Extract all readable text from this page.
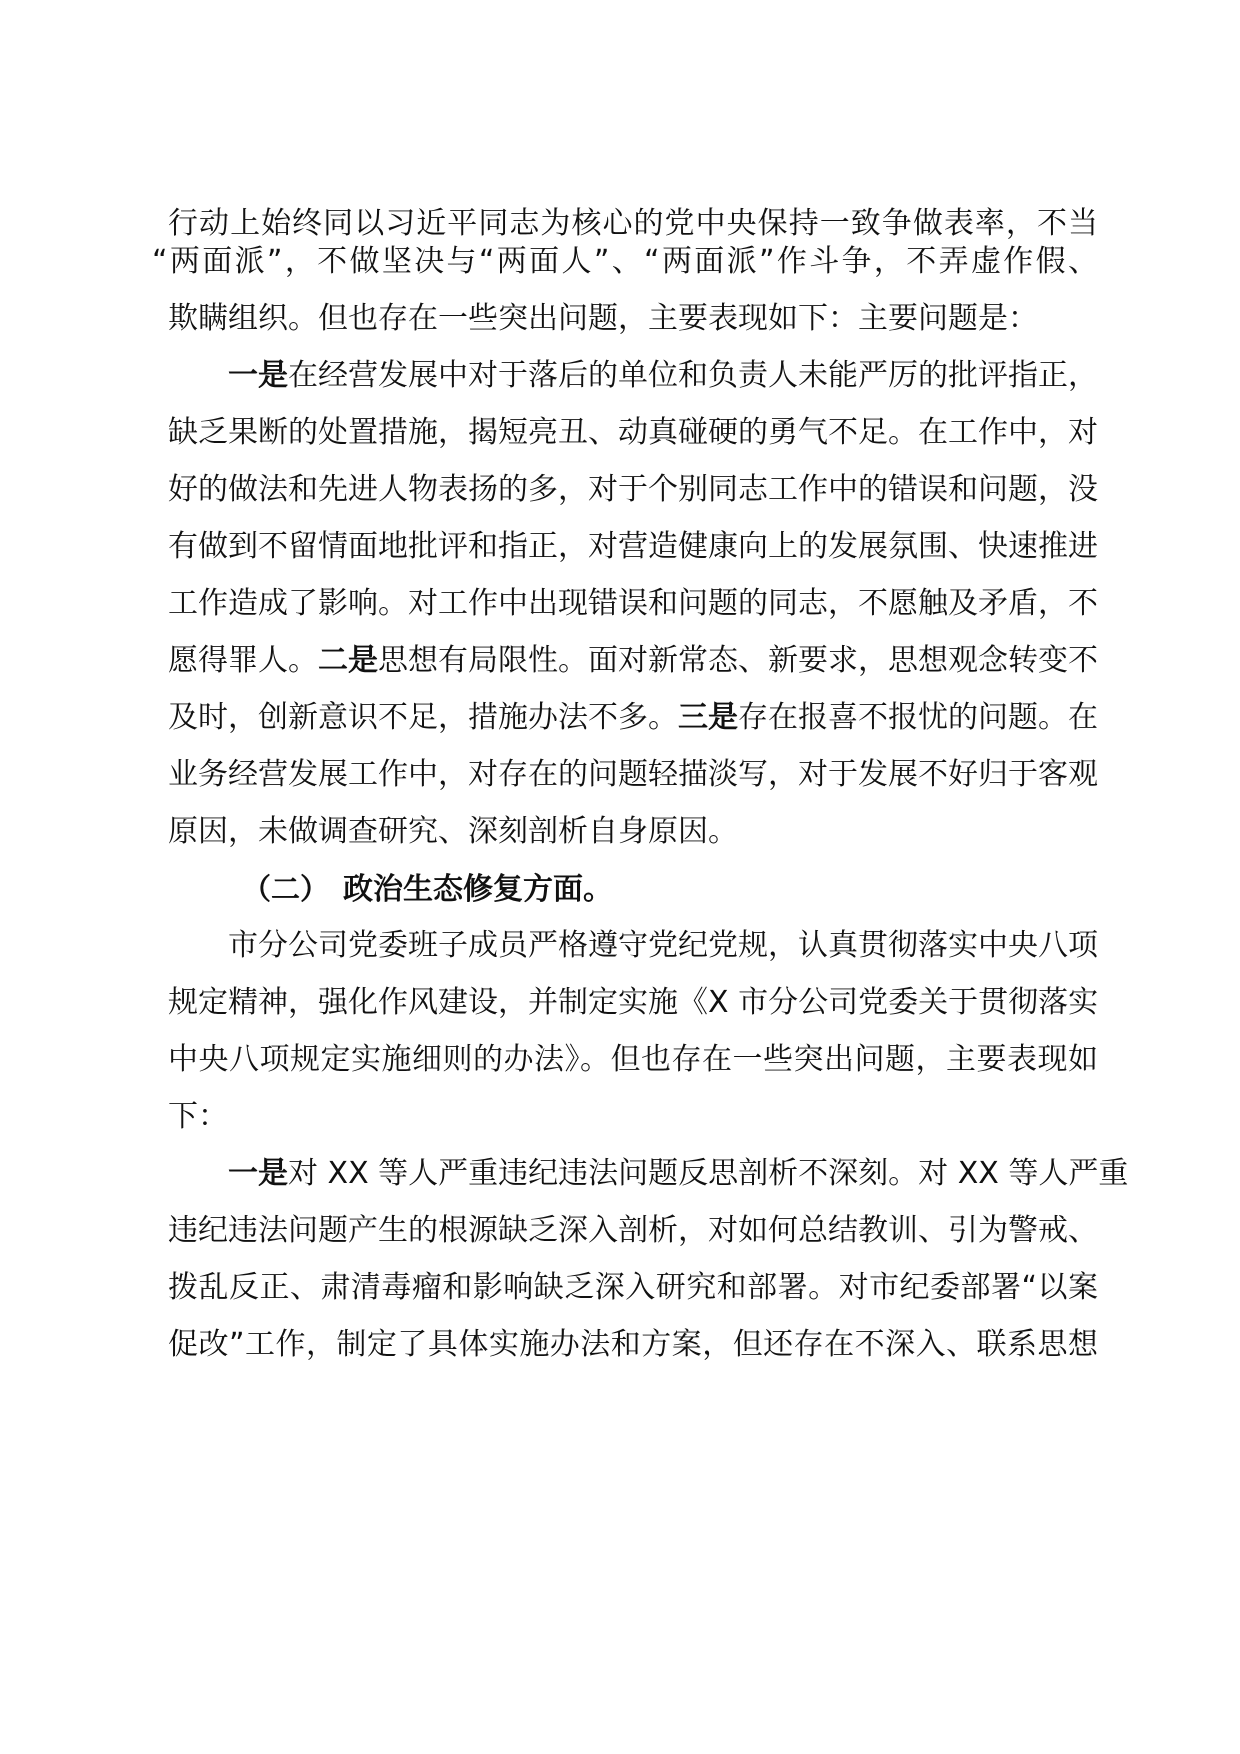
行动上始终同以习近平同志为核心的党中央保持一致争做表率，不当
“两面派”，不做坚决与“两面人”、“两面派”作斗争，不弄虚作假、
欺瞒组织。但也存在一些突出问题，主要表现如下：主要问题是：
一是在经营发展中对于落后的单位和负责人未能严厉的批评指正，
缺乏果断的处置措施，揭短亮丑、动真碰硬的勇气不足。在工作中，对
好的做法和先进人物表扬的多，对于个别同志工作中的错误和问题，没
有做到不留情面地批评和指正，对营造健康向上的发展氛围、快速推进
工作造成了影响。对工作中出现错误和问题的同志，不愿触及矛盾，不
愿得罪人。二是思想有局限性。面对新常态、新要求，思想观念转变不
及时，创新意识不足，措施办法不多。三是存在报喜不报忧的问题。在
业务经营发展工作中，对存在的问题轻描淡写，对于发展不好归于客观
原因，未做调查研究、深刻剖析自身原因。
（二） 政治生态修复方面。
市分公司党委班子成员严格遵守党纪党规，认真贯彻落实中央八项
规定精神，强化作风建设，并制定实施《X 市分公司党委关于贯彻落实
中央八项规定实施细则的办法》。但也存在一些突出问题，主要表现如
下：
一是对 XX 等人严重违纪违法问题反思剖析不深刻。对 XX 等人严重
违纪违法问题产生的根源缺乏深入剖析，对如何总结教训、引为警戒、
拨乱反正、肃清毒瘤和影响缺乏深入研究和部署。对市纪委部署“以案
促改”工作，制定了具体实施办法和方案，但还存在不深入、联系思想
